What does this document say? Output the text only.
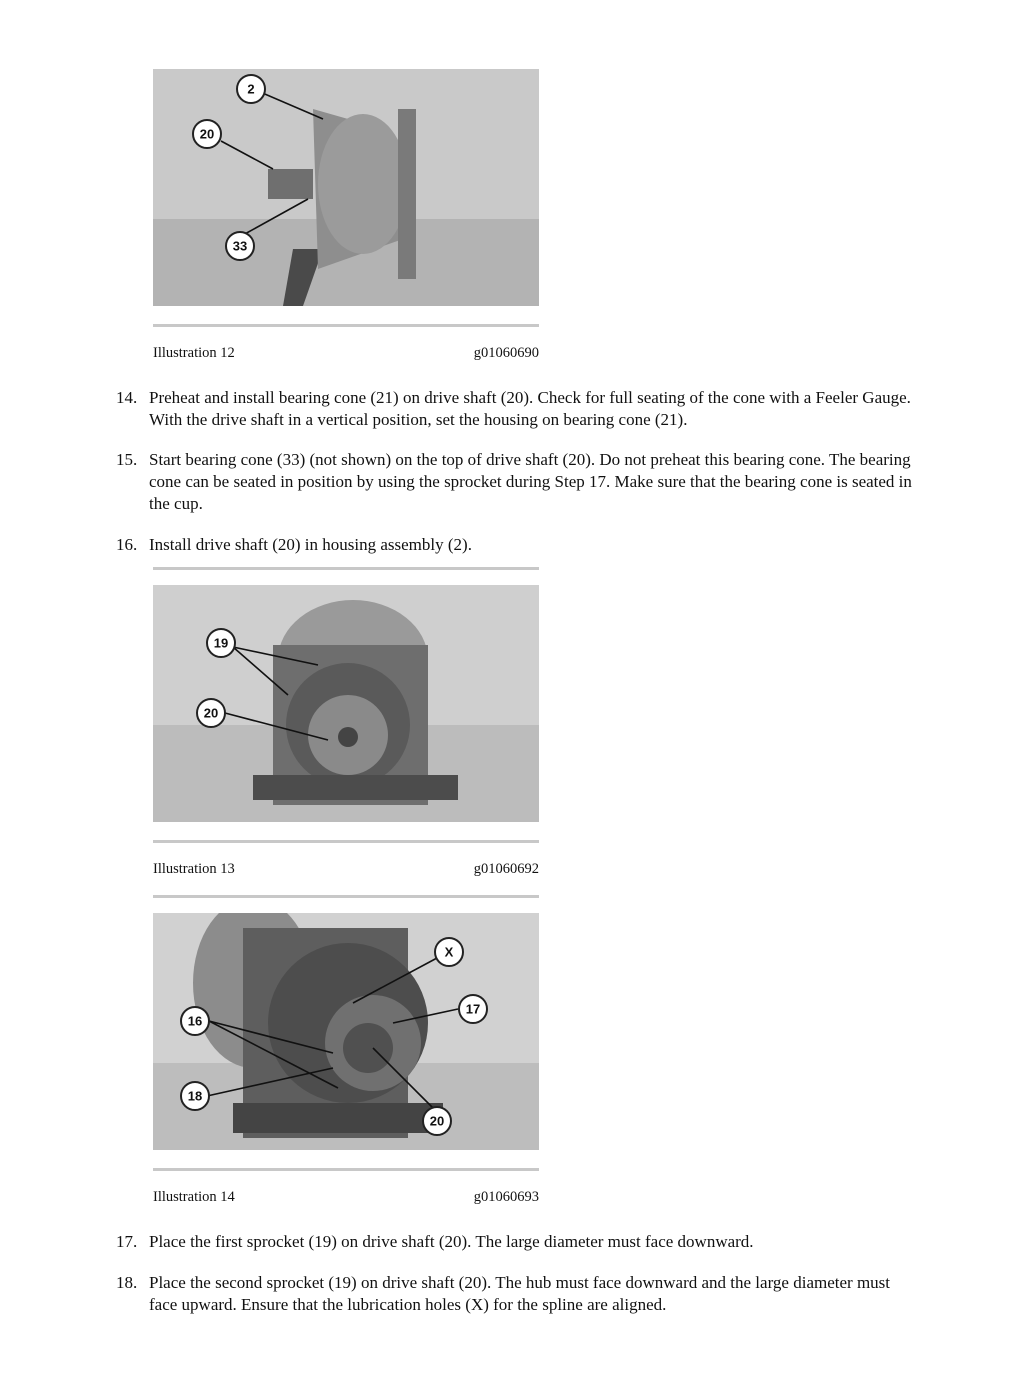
2
20
33
Illustration 12	g01060690
14. Preheat and install bearing cone (21) on drive shaft (20). Check for full seating of the cone with a Feeler Gauge. With the drive shaft in a vertical position, set the housing on bearing cone (21).
15. Start bearing cone (33) (not shown) on the top of drive shaft (20). Do not preheat this bearing cone. The bearing cone can be seated in position by using the sprocket during Step 17. Make sure that the bearing cone is seated in the cup.
16. Install drive shaft (20) in housing assembly (2).
19
20
Illustration 13	g01060692
X
16
17
18
20
Illustration 14	g01060693
17. Place the first sprocket (19) on drive shaft (20). The large diameter must face downward.
18. Place the second sprocket (19) on drive shaft (20). The hub must face downward and the large diameter must face upward. Ensure that the lubrication holes (X) for the spline are aligned.
